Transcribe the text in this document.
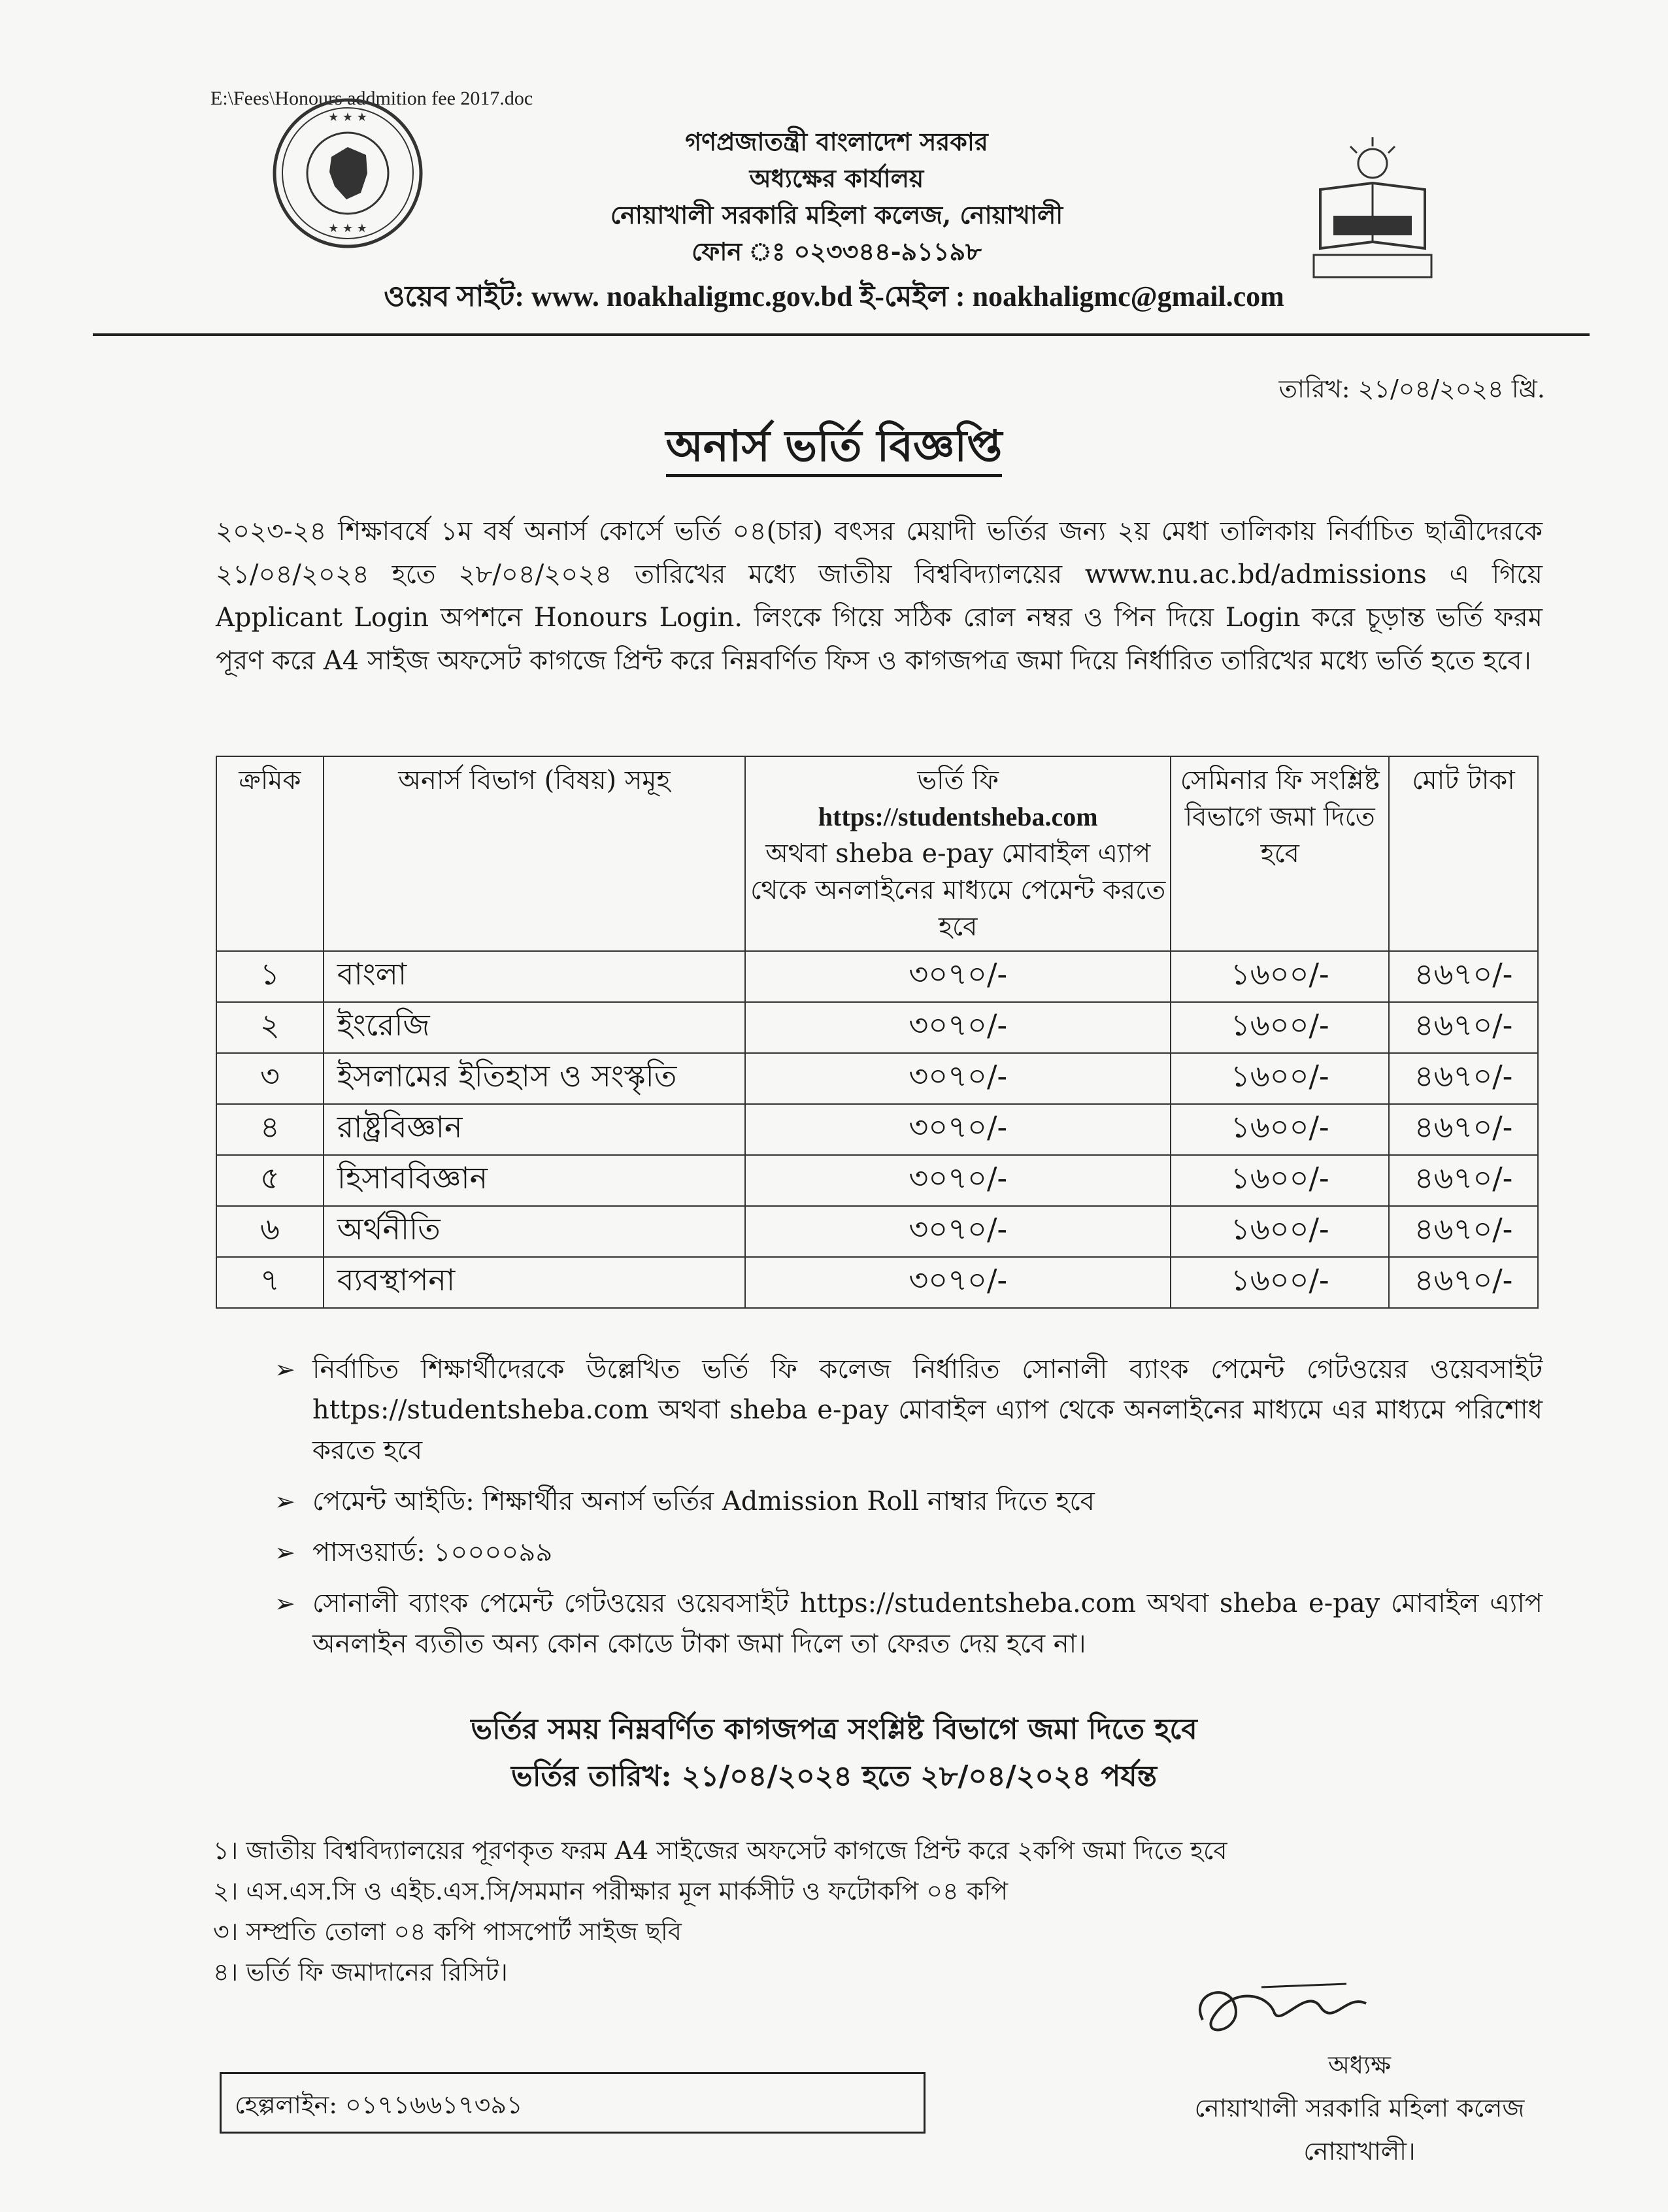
E:\Fees\Honours addmition fee 2017.doc
★ ★ ★
★ ★ ★
গণপ্রজাতন্ত্রী বাংলাদেশ সরকার
অধ্যক্ষের কার্যালয়
নোয়াখালী সরকারি মহিলা কলেজ, নোয়াখালী
ফোন ঃ ০২৩৩৪৪-৯১১৯৮
ওয়েব সাইট: www. noakhaligmc.gov.bd ই-মেইল : noakhaligmc@gmail.com
তারিখ: ২১/০৪/২০২৪ খ্রি.
অনার্স ভর্তি বিজ্ঞপ্তি
২০২৩-২৪ শিক্ষাবর্ষে ১ম বর্ষ অনার্স কোর্সে ভর্তি ০৪(চার) বৎসর মেয়াদী ভর্তির জন্য ২য় মেধা তালিকায় নির্বাচিত ছাত্রীদেরকে ২১/০৪/২০২৪ হতে ২৮/০৪/২০২৪ তারিখের মধ্যে জাতীয় বিশ্ববিদ্যালয়ের www.nu.ac.bd/admissions এ গিয়ে Applicant Login অপশনে Honours Login. লিংকে গিয়ে সঠিক রোল নম্বর ও পিন দিয়ে Login করে চূড়ান্ত ভর্তি ফরম পূরণ করে A4 সাইজ অফসেট কাগজে প্রিন্ট করে নিম্নবর্ণিত ফিস ও কাগজপত্র জমা দিয়ে নির্ধারিত তারিখের মধ্যে ভর্তি হতে হবে।
ক্রমিক	অনার্স বিভাগ (বিষয়) সমূহ	ভর্তি ফি
https://studentsheba.com
অথবা sheba e-pay মোবাইল এ্যাপ থেকে অনলাইনের মাধ্যমে পেমেন্ট করতে হবে	সেমিনার ফি সংশ্লিষ্ট বিভাগে জমা দিতে হবে	মোট টাকা
১	বাংলা	৩০৭০/-	১৬০০/-	৪৬৭০/-
২	ইংরেজি	৩০৭০/-	১৬০০/-	৪৬৭০/-
৩	ইসলামের ইতিহাস ও সংস্কৃতি	৩০৭০/-	১৬০০/-	৪৬৭০/-
৪	রাষ্ট্রবিজ্ঞান	৩০৭০/-	১৬০০/-	৪৬৭০/-
৫	হিসাববিজ্ঞান	৩০৭০/-	১৬০০/-	৪৬৭০/-
৬	অর্থনীতি	৩০৭০/-	১৬০০/-	৪৬৭০/-
৭	ব্যবস্থাপনা	৩০৭০/-	১৬০০/-	৪৬৭০/-
➢ নির্বাচিত শিক্ষার্থীদেরকে উল্লেখিত ভর্তি ফি কলেজ নির্ধারিত সোনালী ব্যাংক পেমেন্ট গেটওয়ের ওয়েবসাইট https://studentsheba.com অথবা sheba e-pay মোবাইল এ্যাপ থেকে অনলাইনের মাধ্যমে এর মাধ্যমে পরিশোধ করতে হবে
➢ পেমেন্ট আইডি: শিক্ষার্থীর অনার্স ভর্তির Admission Roll নাম্বার দিতে হবে
➢ পাসওয়ার্ড: ১০০০০৯৯
➢ সোনালী ব্যাংক পেমেন্ট গেটওয়ের ওয়েবসাইট https://studentsheba.com অথবা sheba e-pay মোবাইল এ্যাপ অনলাইন ব্যতীত অন্য কোন কোডে টাকা জমা দিলে তা ফেরত দেয় হবে না।
ভর্তির সময় নিম্নবর্ণিত কাগজপত্র সংশ্লিষ্ট বিভাগে জমা দিতে হবে
ভর্তির তারিখ: ২১/০৪/২০২৪ হতে ২৮/০৪/২০২৪ পর্যন্ত
১। জাতীয় বিশ্ববিদ্যালয়ের পূরণকৃত ফরম A4 সাইজের অফসেট কাগজে প্রিন্ট করে ২কপি জমা দিতে হবে
২। এস.এস.সি ও এইচ.এস.সি/সমমান পরীক্ষার মূল মার্কসীট ও ফটোকপি ০৪ কপি
৩। সম্প্রতি তোলা ০৪ কপি পাসপোর্ট সাইজ ছবি
৪। ভর্তি ফি জমাদানের রিসিট।
অধ্যক্ষ
নোয়াখালী সরকারি মহিলা কলেজ
নোয়াখালী।
হেল্পলাইন: ০১৭১৬৬১৭৩৯১
